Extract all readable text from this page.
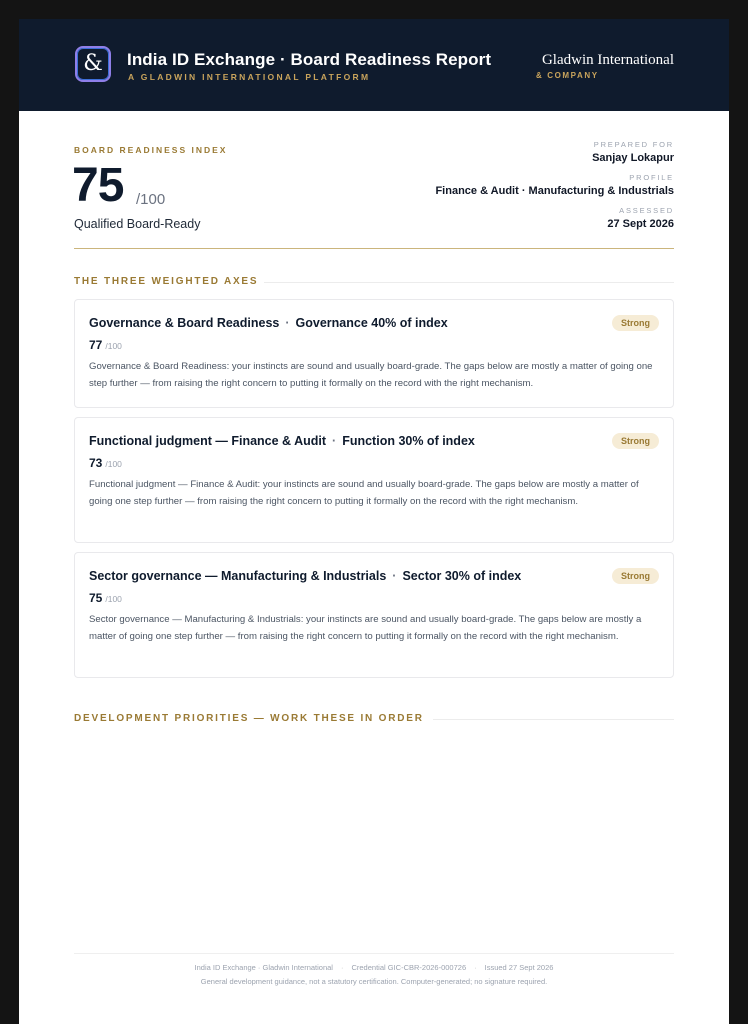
&	India ID Exchange · Board Readiness Report
A GLADWIN INTERNATIONAL PLATFORM
Gladwin International
& COMPANY
BOARD READINESS INDEX
75 /100
Qualified Board-Ready
PREPARED FOR
Sanjay Lokapur
PROFILE
Finance & Audit · Manufacturing & Industrials
ASSESSED
27 Sept 2026
THE THREE WEIGHTED AXES
Governance & Board Readiness · Governance 40% of index	Strong
77 /100
Governance & Board Readiness: your instincts are sound and usually board-grade. The gaps below are mostly a matter of going one step further — from raising the right concern to putting it formally on the record with the right mechanism.
Functional judgment — Finance & Audit · Function 30% of index	Strong
73 /100
Functional judgment — Finance & Audit: your instincts are sound and usually board-grade. The gaps below are mostly a matter of going one step further — from raising the right concern to putting it formally on the record with the right mechanism.
Sector governance — Manufacturing & Industrials · Sector 30% of index	Strong
75 /100
Sector governance — Manufacturing & Industrials: your instincts are sound and usually board-grade. The gaps below are mostly a matter of going one step further — from raising the right concern to putting it formally on the record with the right mechanism.
DEVELOPMENT PRIORITIES — WORK THESE IN ORDER
India ID Exchange · Gladwin International · Credential GIC-CBR-2026-000726 · Issued 27 Sept 2026
General development guidance, not a statutory certification. Computer-generated; no signature required.
